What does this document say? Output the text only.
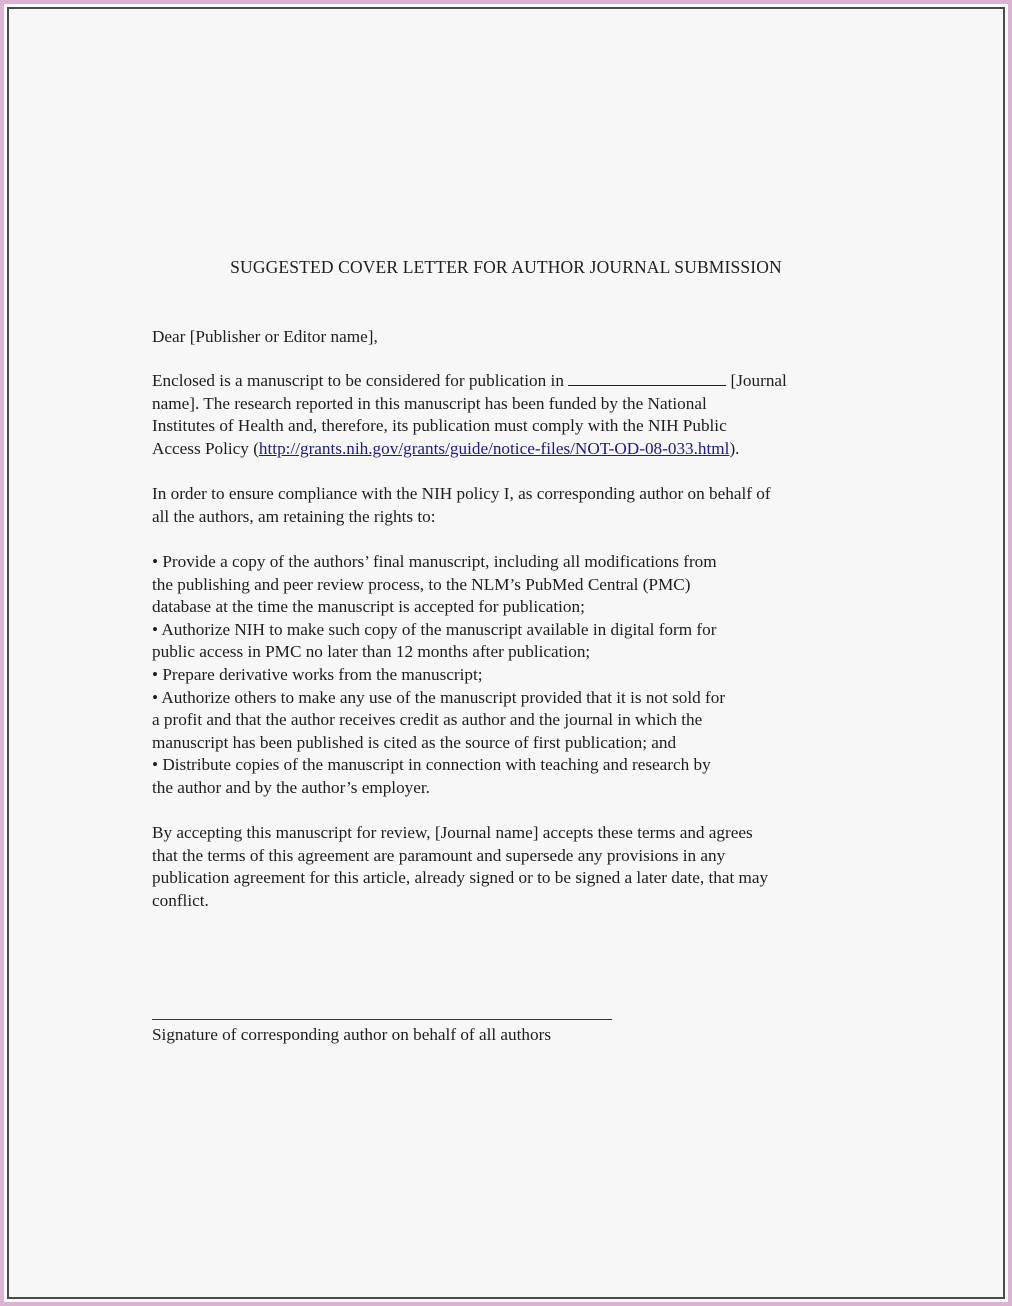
SUGGESTED COVER LETTER FOR AUTHOR JOURNAL SUBMISSION
Dear [Publisher or Editor name],
Enclosed is a manuscript to be considered for publication in	[Journal
name]. The research reported in this manuscript has been funded by the National
Institutes of Health and, therefore, its publication must comply with the NIH Public
Access Policy (http://grants.nih.gov/grants/guide/notice-files/NOT-OD-08-033.html).
In order to ensure compliance with the NIH policy I, as corresponding author on behalf of
all the authors, am retaining the rights to:
• Provide a copy of the authors’ final manuscript, including all modifications from
the publishing and peer review process, to the NLM’s PubMed Central (PMC)
database at the time the manuscript is accepted for publication;
• Authorize NIH to make such copy of the manuscript available in digital form for
public access in PMC no later than 12 months after publication;
• Prepare derivative works from the manuscript;
• Authorize others to make any use of the manuscript provided that it is not sold for
a profit and that the author receives credit as author and the journal in which the
manuscript has been published is cited as the source of first publication; and
• Distribute copies of the manuscript in connection with teaching and research by
the author and by the author’s employer.
By accepting this manuscript for review, [Journal name] accepts these terms and agrees
that the terms of this agreement are paramount and supersede any provisions in any
publication agreement for this article, already signed or to be signed a later date, that may
conflict.
Signature of corresponding author on behalf of all authors
